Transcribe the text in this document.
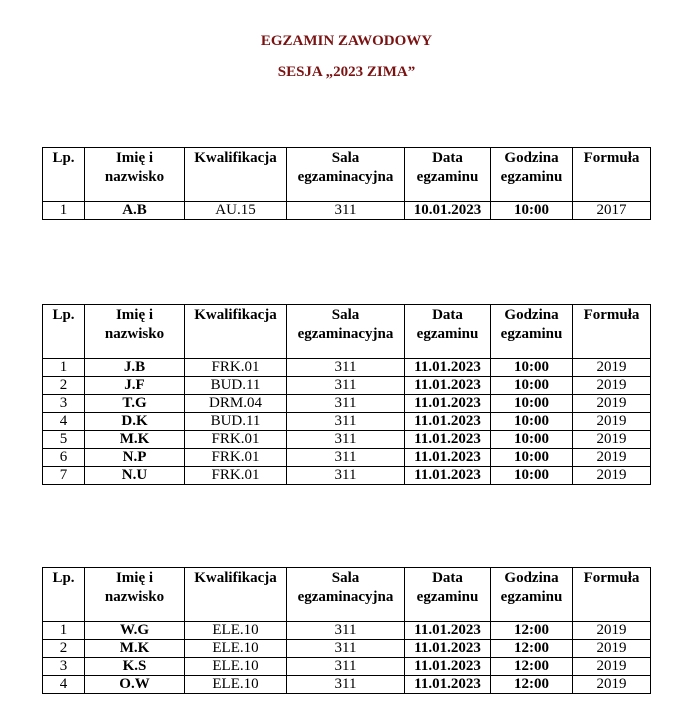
EGZAMIN ZAWODOWY
SESJA „2023 ZIMA”
Lp.	Imię i nazwisko	Kwalifikacja	Sala egzaminacyjna	Data egzaminu	Godzina egzaminu	Formuła
1	A.B	AU.15	311	10.01.2023	10:00	2017
Lp.	Imię i nazwisko	Kwalifikacja	Sala egzaminacyjna	Data egzaminu	Godzina egzaminu	Formuła
1	J.B	FRK.01	311	11.01.2023	10:00	2019
2	J.F	BUD.11	311	11.01.2023	10:00	2019
3	T.G	DRM.04	311	11.01.2023	10:00	2019
4	D.K	BUD.11	311	11.01.2023	10:00	2019
5	M.K	FRK.01	311	11.01.2023	10:00	2019
6	N.P	FRK.01	311	11.01.2023	10:00	2019
7	N.U	FRK.01	311	11.01.2023	10:00	2019
Lp.	Imię i nazwisko	Kwalifikacja	Sala egzaminacyjna	Data egzaminu	Godzina egzaminu	Formuła
1	W.G	ELE.10	311	11.01.2023	12:00	2019
2	M.K	ELE.10	311	11.01.2023	12:00	2019
3	K.S	ELE.10	311	11.01.2023	12:00	2019
4	O.W	ELE.10	311	11.01.2023	12:00	2019
